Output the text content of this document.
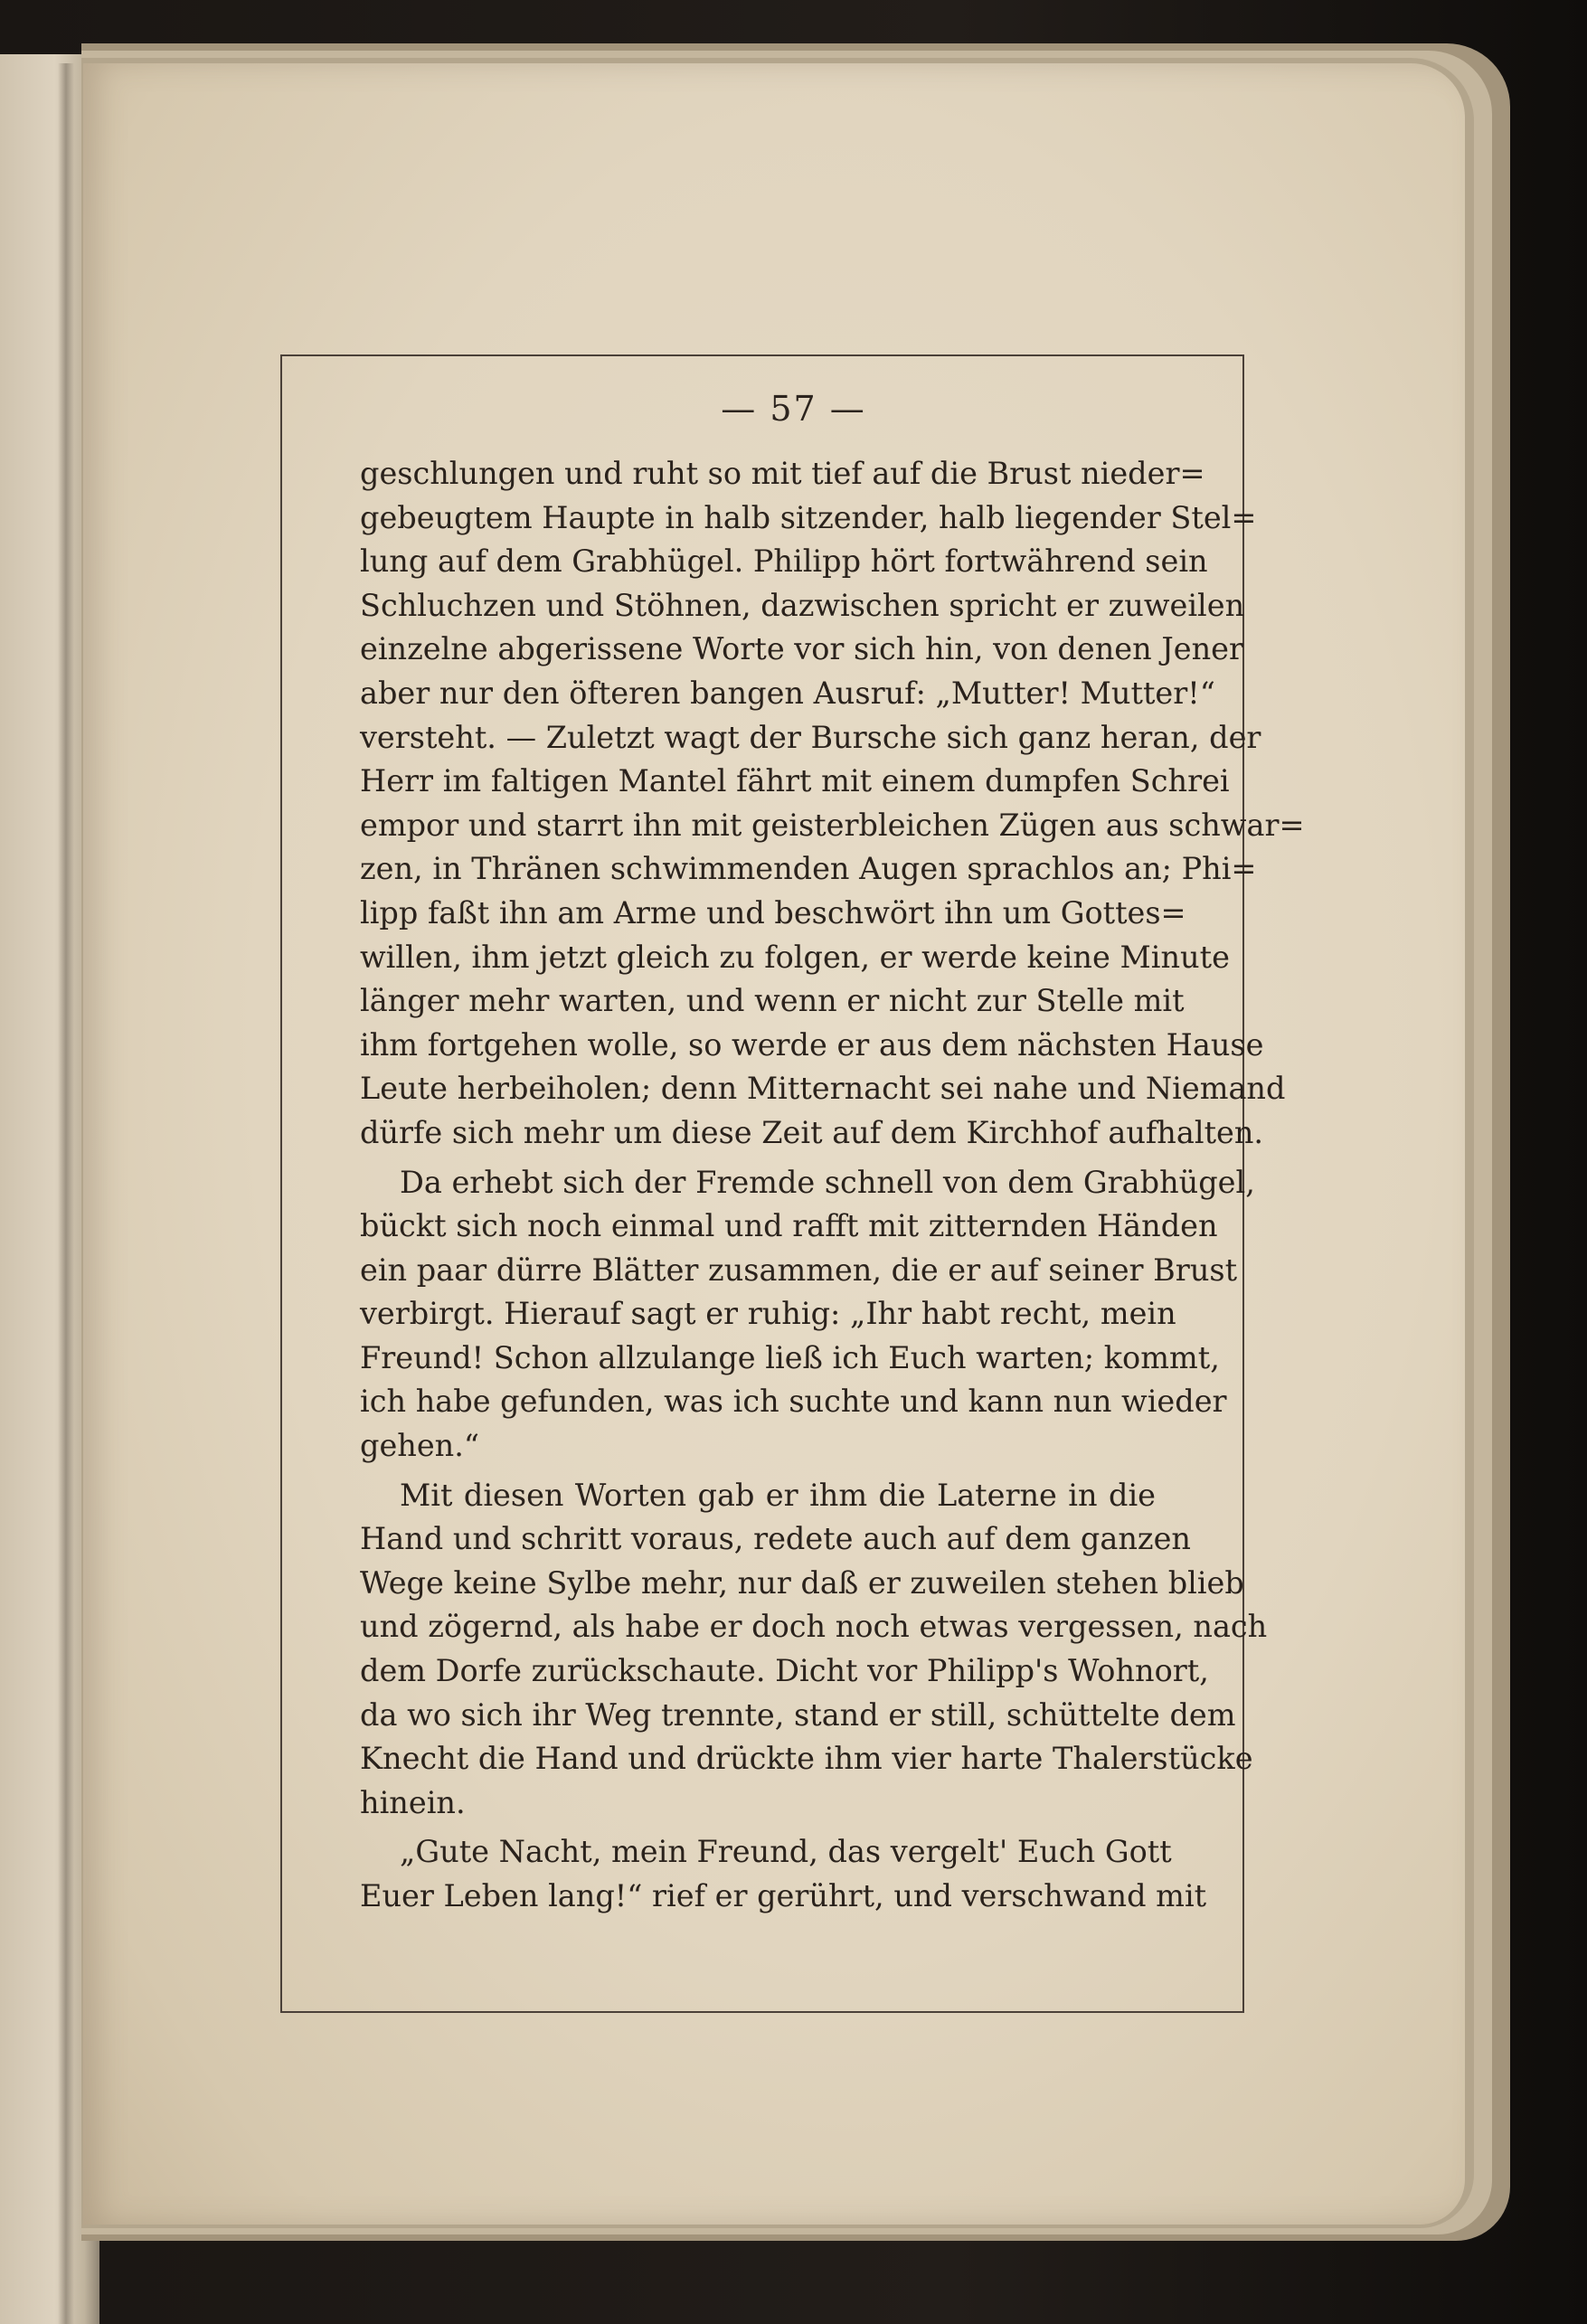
— 57 —
geschlungen und ruht so mit tief auf die Brust nieder=
gebeugtem Haupte in halb sitzender, halb liegender Stel=
lung auf dem Grabhügel. Philipp hört fortwährend sein
Schluchzen und Stöhnen, dazwischen spricht er zuweilen
einzelne abgerissene Worte vor sich hin, von denen Jener
aber nur den öfteren bangen Ausruf: „Mutter! Mutter!“
versteht. — Zuletzt wagt der Bursche sich ganz heran, der
Herr im faltigen Mantel fährt mit einem dumpfen Schrei
empor und starrt ihn mit geisterbleichen Zügen aus schwar=
zen, in Thränen schwimmenden Augen sprachlos an; Phi=
lipp faßt ihn am Arme und beschwört ihn um Gottes=
willen, ihm jetzt gleich zu folgen, er werde keine Minute
länger mehr warten, und wenn er nicht zur Stelle mit
ihm fortgehen wolle, so werde er aus dem nächsten Hause
Leute herbeiholen; denn Mitternacht sei nahe und Niemand
dürfe sich mehr um diese Zeit auf dem Kirchhof aufhalten.
Da erhebt sich der Fremde schnell von dem Grabhügel,
bückt sich noch einmal und rafft mit zitternden Händen
ein paar dürre Blätter zusammen, die er auf seiner Brust
verbirgt. Hierauf sagt er ruhig: „Ihr habt recht, mein
Freund! Schon allzulange ließ ich Euch warten; kommt,
ich habe gefunden, was ich suchte und kann nun wieder
gehen.“
Mit diesen Worten gab er ihm die Laterne in die
Hand und schritt voraus, redete auch auf dem ganzen
Wege keine Sylbe mehr, nur daß er zuweilen stehen blieb
und zögernd, als habe er doch noch etwas vergessen, nach
dem Dorfe zurückschaute. Dicht vor Philipp's Wohnort,
da wo sich ihr Weg trennte, stand er still, schüttelte dem
Knecht die Hand und drückte ihm vier harte Thalerstücke
hinein.
„Gute Nacht, mein Freund, das vergelt' Euch Gott
Euer Leben lang!“ rief er gerührt, und verschwand mit
